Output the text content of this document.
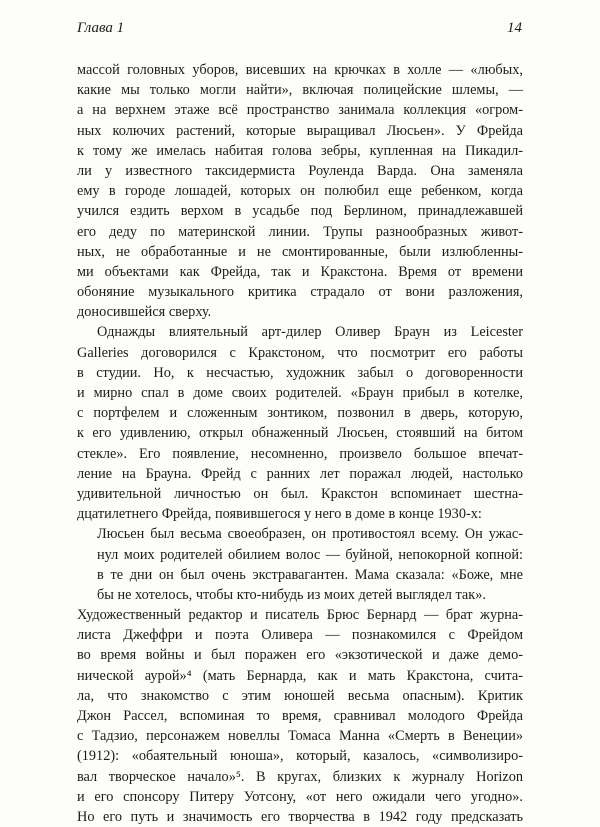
Глава 1	14
массой головных уборов, висевших на крючках в холле — «любых,
какие мы только могли найти», включая полицейские шлемы, —
а на верхнем этаже всё пространство занимала коллекция «огром-
ных колючих растений, которые выращивал Люсьен». У Фрейда
к тому же имелась набитая голова зебры, купленная на Пикадил-
ли у известного таксидермиста Роуленда Варда. Она заменяла
ему в городе лошадей, которых он полюбил еще ребенком, когда
учился ездить верхом в усадьбе под Берлином, принадлежавшей
его деду по материнской линии. Трупы разнообразных живот-
ных, не обработанные и не смонтированные, были излюбленны-
ми объектами как Фрейда, так и Кракстона. Время от времени
обоняние музыкального критика страдало от вони разложения,
доносившейся сверху.
Однажды влиятельный арт-дилер Оливер Браун из Leicester
Galleries договорился с Кракстоном, что посмотрит его работы
в студии. Но, к несчастью, художник забыл о договоренности
и мирно спал в доме своих родителей. «Браун прибыл в котелке,
с портфелем и сложенным зонтиком, позвонил в дверь, которую,
к его удивлению, открыл обнаженный Люсьен, стоявший на битом
стекле». Его появление, несомненно, произвело большое впечат-
ление на Брауна. Фрейд с ранних лет поражал людей, настолько
удивительной личностью он был. Кракстон вспоминает шестна-
дцатилетнего Фрейда, появившегося у него в доме в конце 1930-х:
Люсьен был весьма своеобразен, он противостоял всему. Он ужас-
нул моих родителей обилием волос — буйной, непокорной копной:
в те дни он был очень экстравагантен. Мама сказала: «Боже, мне
бы не хотелось, чтобы кто-нибудь из моих детей выглядел так».
Художественный редактор и писатель Брюс Бернард — брат журна-
листа Джеффри и поэта Оливера — познакомился с Фрейдом
во время войны и был поражен его «экзотической и даже демо-
нической аурой»⁴ (мать Бернарда, как и мать Кракстона, счита-
ла, что знакомство с этим юношей весьма опасным). Критик
Джон Рассел, вспоминая то время, сравнивал молодого Фрейда
с Тадзио, персонажем новеллы Томаса Манна «Смерть в Венеции»
(1912): «обаятельный юноша», который, казалось, «символизиро-
вал творческое начало»⁵. В кругах, близких к журналу Horizon
и его спонсору Питеру Уотсону, «от него ожидали чего угодно».
Но его путь и значимость его творчества в 1942 году предсказать
